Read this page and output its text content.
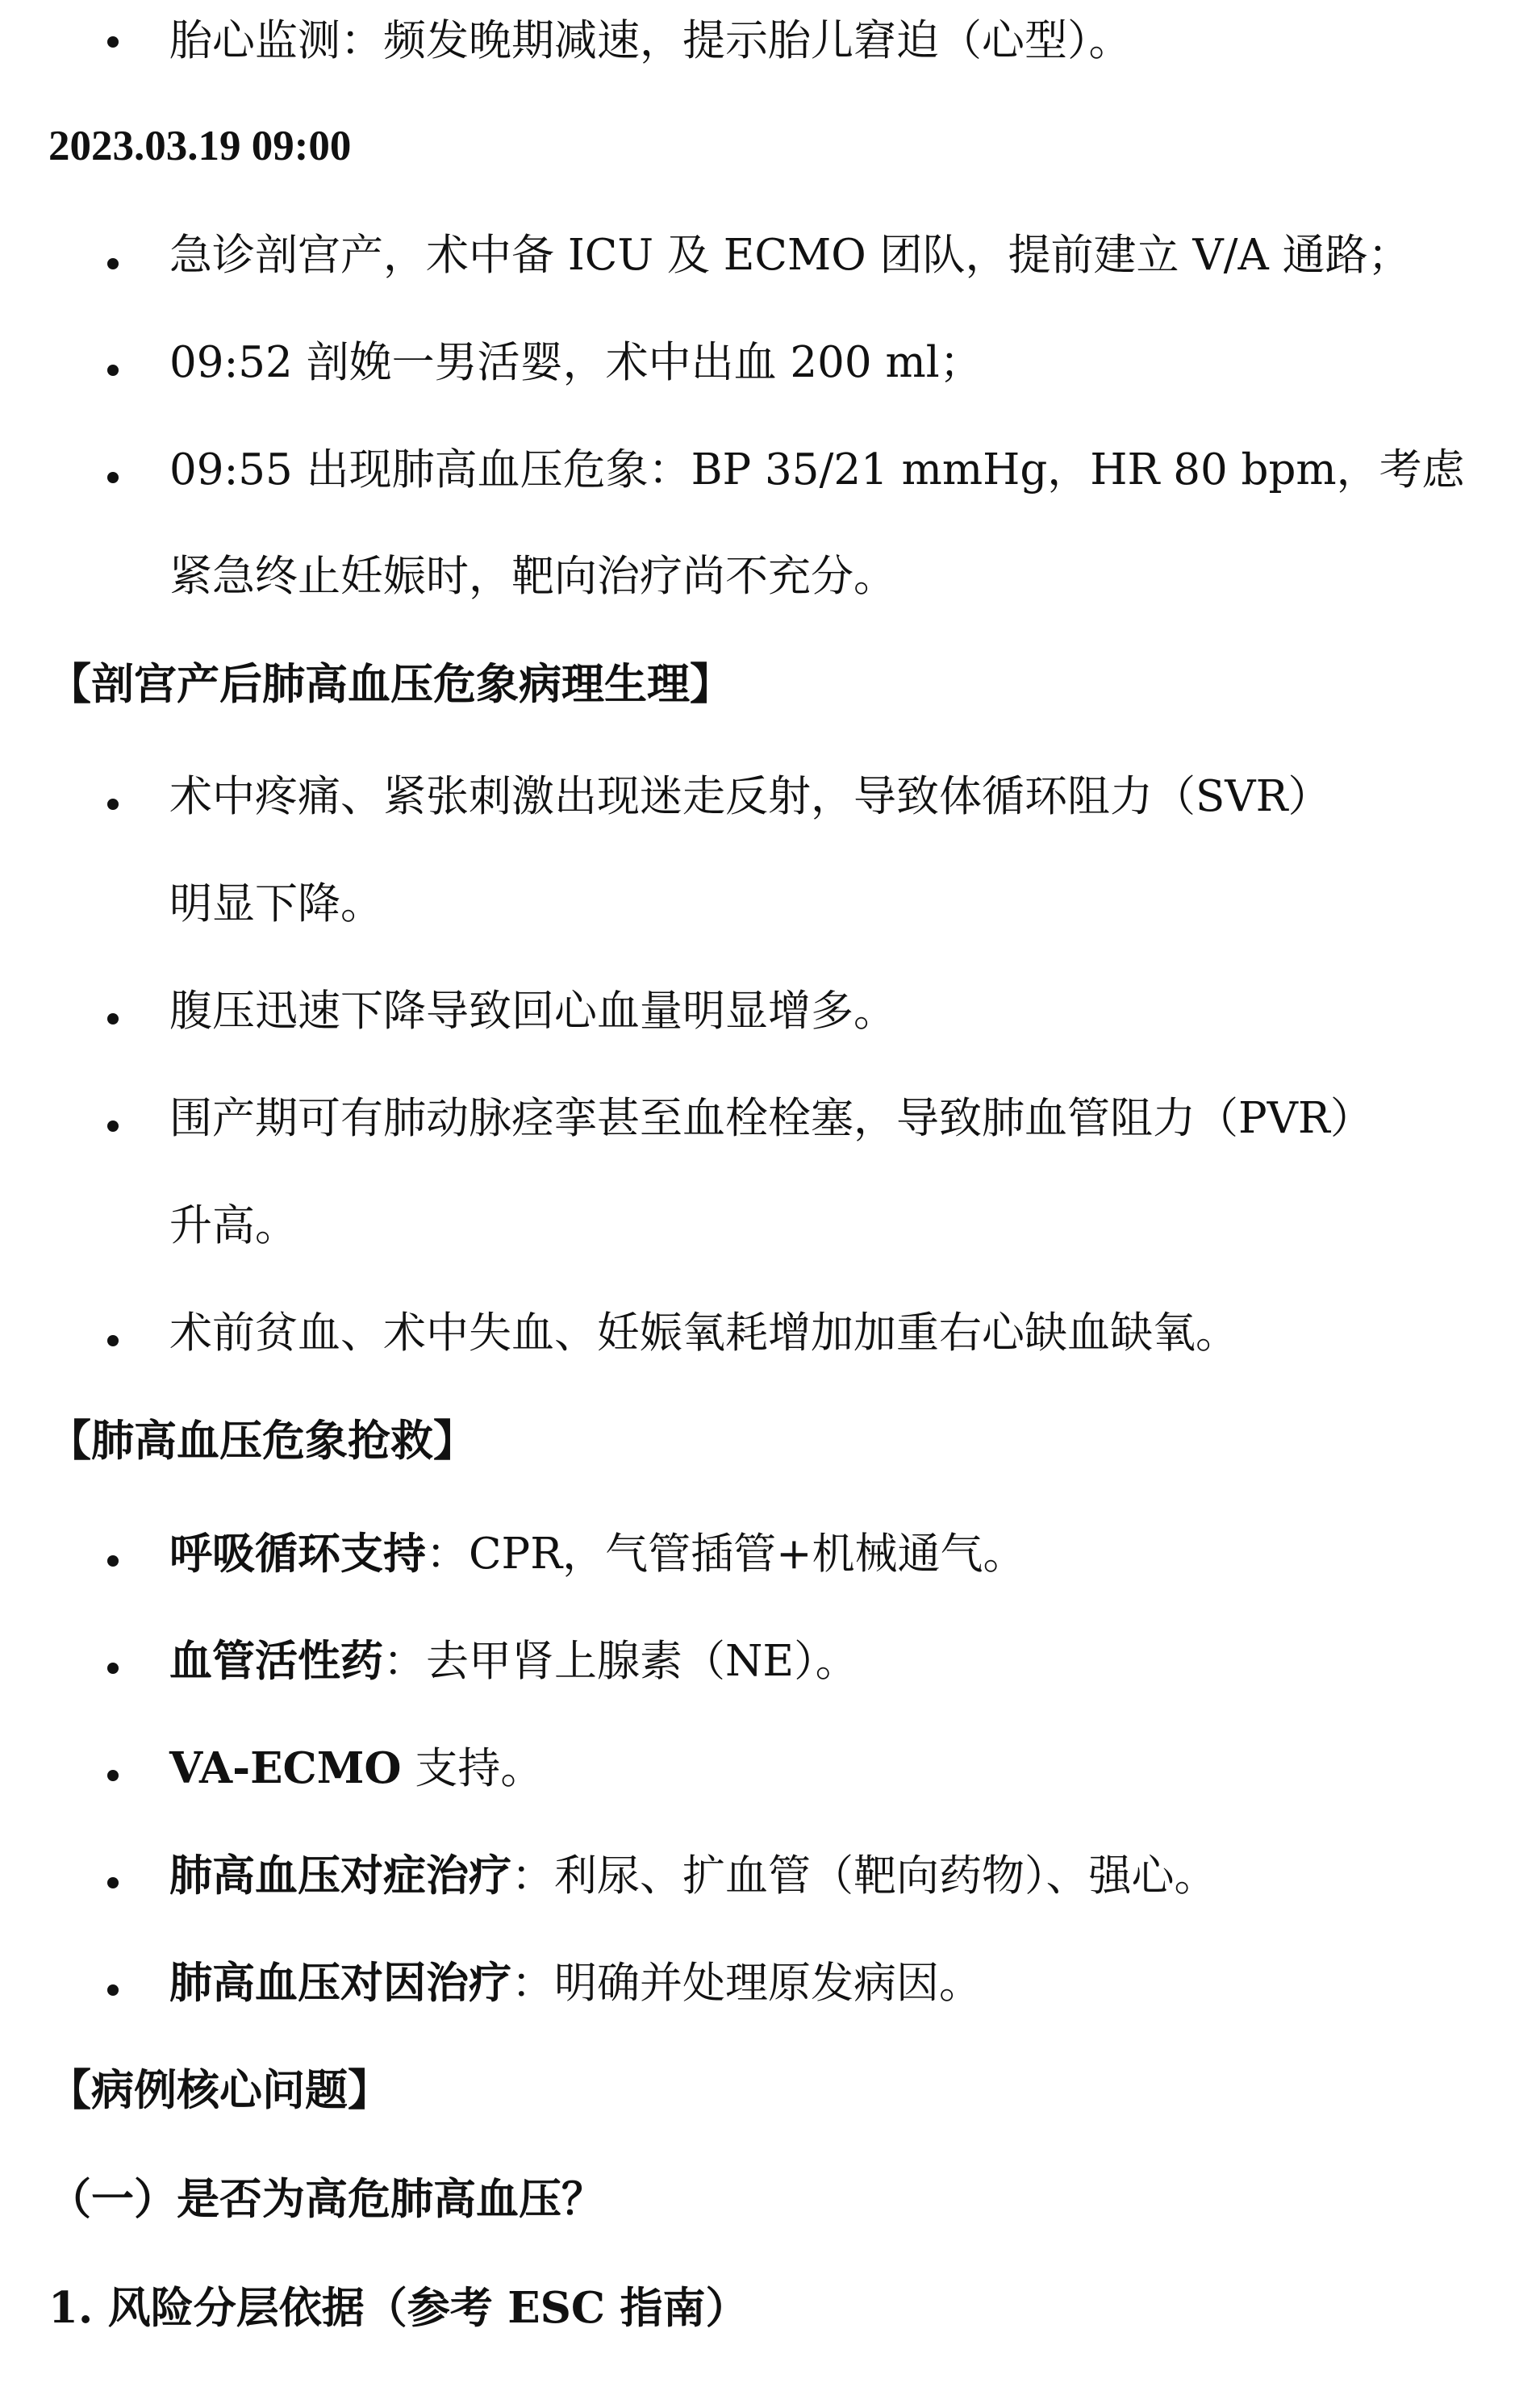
胎心监测：频发晚期减速，提示胎儿窘迫（心型）。
2023.03.19 09:00
急诊剖宫产，术中备 ICU 及 ECMO 团队，提前建立 V/A 通路；
09:52 剖娩一男活婴，术中出血 200 ml；
09:55 出现肺高血压危象：BP 35/21 mmHg，HR 80 bpm，考虑
紧急终止妊娠时，靶向治疗尚不充分。
【剖宫产后肺高血压危象病理生理】
术中疼痛、紧张刺激出现迷走反射，导致体循环阻力（SVR）
明显下降。
腹压迅速下降导致回心血量明显增多。
围产期可有肺动脉痉挛甚至血栓栓塞，导致肺血管阻力（PVR）
升高。
术前贫血、术中失血、妊娠氧耗增加加重右心缺血缺氧。
【肺高血压危象抢救】
呼吸循环支持：CPR，气管插管+机械通气。
血管活性药：去甲肾上腺素（NE）。
VA-ECMO 支持。
肺高血压对症治疗：利尿、扩血管（靶向药物）、强心。
肺高血压对因治疗：明确并处理原发病因。
【病例核心问题】
（一）是否为高危肺高血压？
1. 风险分层依据（参考 ESC 指南）
